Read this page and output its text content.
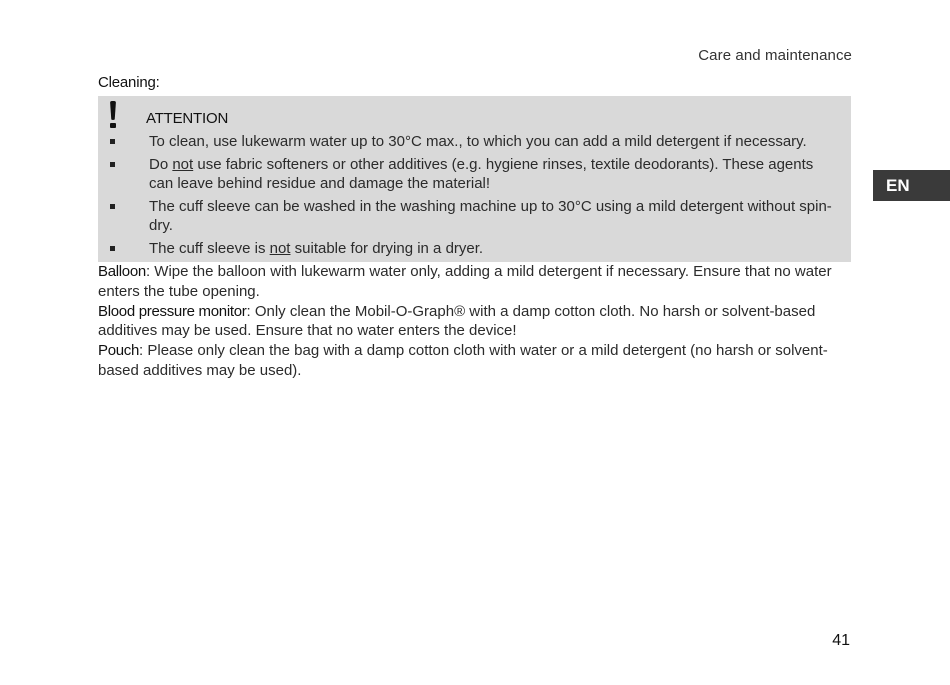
Care and maintenance
EN
Cleaning:
ATTENTION
To clean, use lukewarm water up to 30°C max., to which you can add a mild detergent if necessary.
Do not use fabric softeners or other additives (e.g. hygiene rinses, textile deodorants). These agents can leave behind residue and damage the material!
The cuff sleeve can be washed in the washing machine up to 30°C using a mild detergent without spin-dry.
The cuff sleeve is not suitable for drying in a dryer.

Balloon: Wipe the balloon with lukewarm water only, adding a mild detergent if necessary. Ensure that no water enters the tube opening.

Blood pressure monitor: Only clean the Mobil-O-Graph® with a damp cotton cloth. No harsh or solvent-based additives may be used. Ensure that no water enters the device!

Pouch: Please only clean the bag with a damp cotton cloth with water or a mild detergent (no harsh or solvent-based additives may be used).

41
